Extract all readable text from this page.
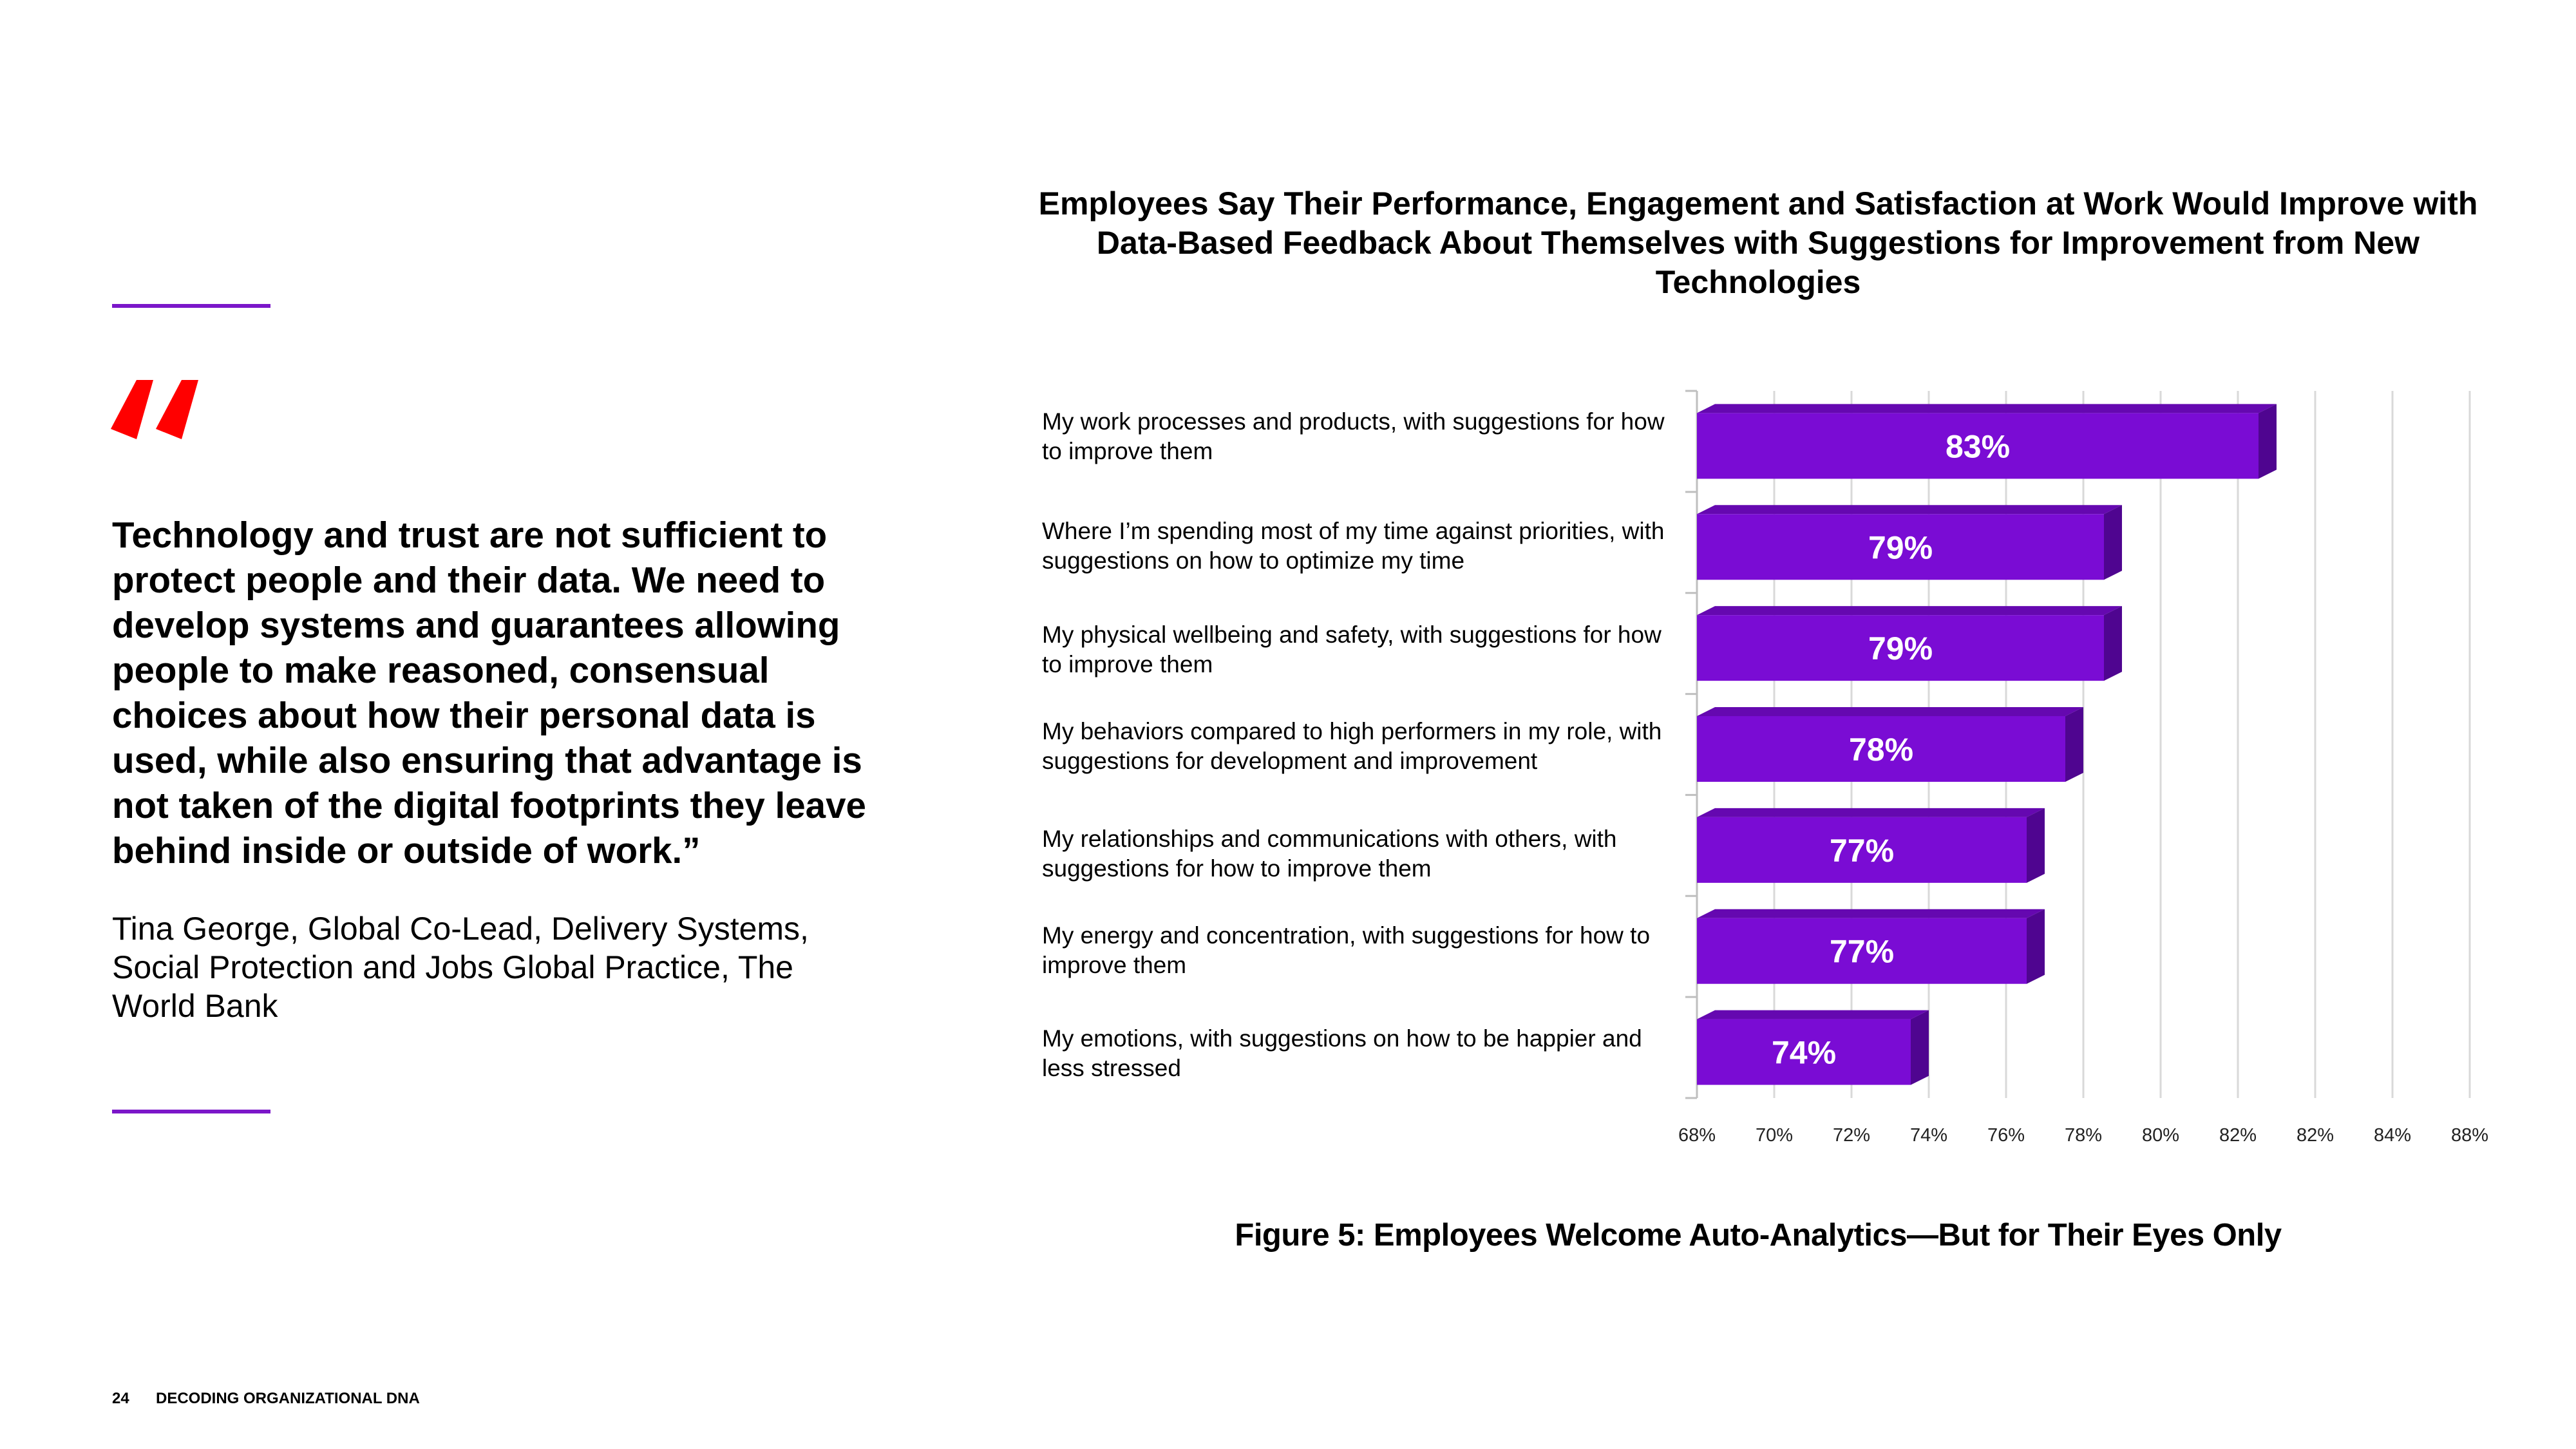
Technology and trust are not sufficient to protect people and their data. We need to develop systems and guarantees allowing people to make reasoned, consensual choices about how their personal data is used, while also ensuring that advantage is not taken of the digital footprints they leave behind inside or outside of work.”
Tina George, Global Co-Lead, Delivery Systems, Social Protection and Jobs Global Practice, The World Bank
Employees Say Their Performance, Engagement and Satisfaction at Work Would Improve with Data-Based Feedback About Themselves with Suggestions for Improvement from New Technologies
My work processes and products, with suggestions for how to improve them
Where I’m spending most of my time against priorities, with suggestions on how to optimize my time
My physical wellbeing and safety, with suggestions for how to improve them
My behaviors compared to high performers in my role, with suggestions for development and improvement
My relationships and communications with others, with suggestions for how to improve them
My energy and concentration, with suggestions for how to improve them
My emotions, with suggestions on how to be happier and less stressed
68% 70% 72% 74% 76% 78% 80% 82% 82% 84% 88%
83%
79%
79%
78%
77%
77%
74%
Figure 5: Employees Welcome Auto-Analytics—But for Their Eyes Only
24 DECODING ORGANIZATIONAL DNA
